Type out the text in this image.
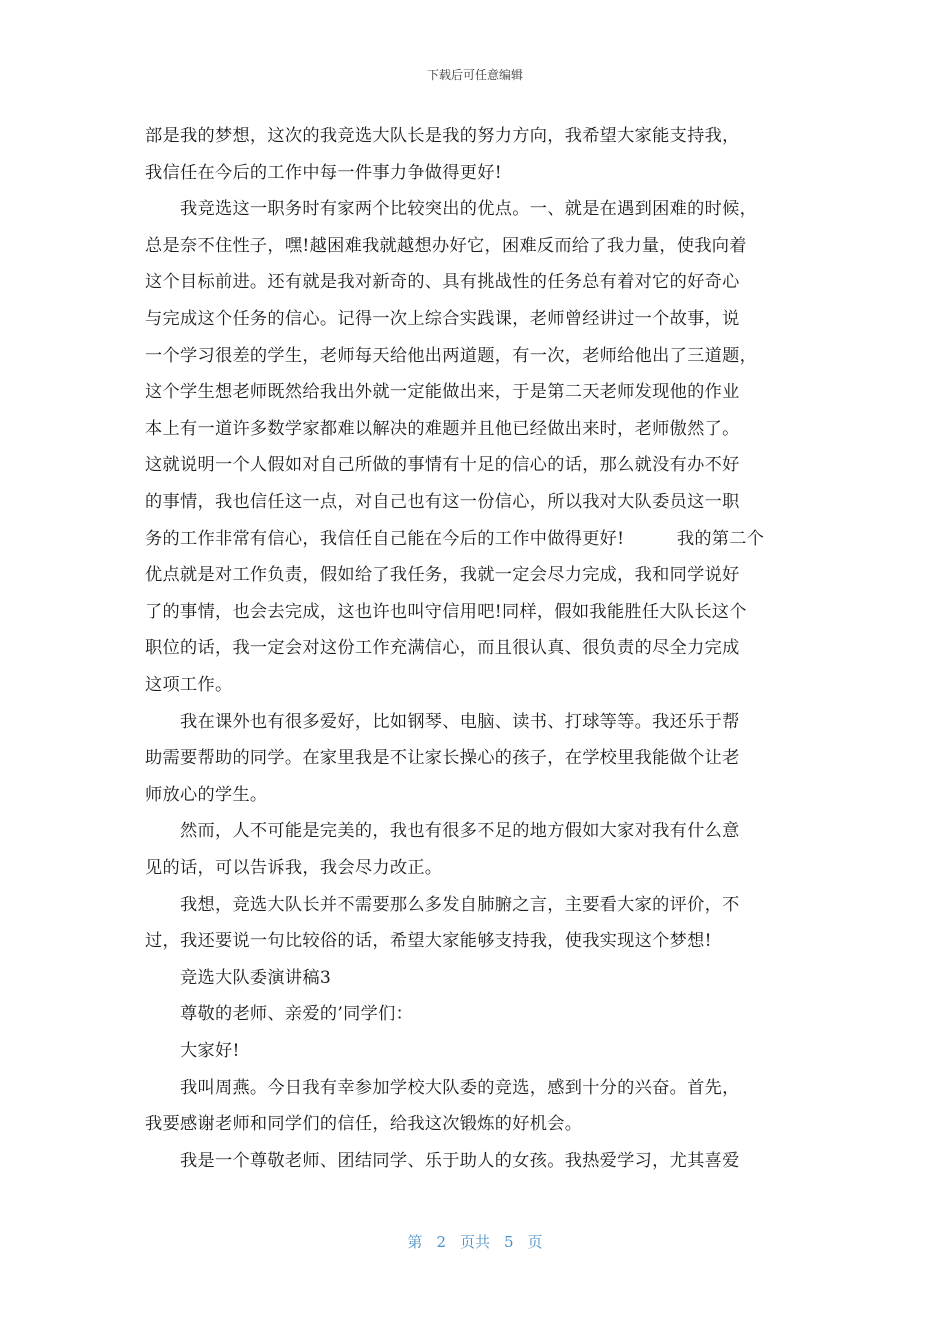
下载后可任意编辑
部是我的梦想，这次的我竞选大队长是我的努力方向，我希望大家能支持我，
我信任在今后的工作中每一件事力争做得更好!
　　我竞选这一职务时有家两个比较突出的优点。一、就是在遇到困难的时候，
总是奈不住性子，嘿!越困难我就越想办好它，困难反而给了我力量，使我向着
这个目标前进。还有就是我对新奇的、具有挑战性的任务总有着对它的好奇心
与完成这个任务的信心。记得一次上综合实践课，老师曾经讲过一个故事，说
一个学习很差的学生，老师每天给他出两道题，有一次，老师给他出了三道题，
这个学生想老师既然给我出外就一定能做出来，于是第二天老师发现他的作业
本上有一道许多数学家都难以解决的难题并且他已经做出来时，老师傲然了。
这就说明一个人假如对自己所做的事情有十足的信心的话，那么就没有办不好
的事情，我也信任这一点，对自己也有这一份信心，所以我对大队委员这一职
务的工作非常有信心，我信任自己能在今后的工作中做得更好!　　　我的第二个
优点就是对工作负责，假如给了我任务，我就一定会尽力完成，我和同学说好
了的事情，也会去完成，这也许也叫守信用吧!同样，假如我能胜任大队长这个
职位的话，我一定会对这份工作充满信心，而且很认真、很负责的尽全力完成
这项工作。
　　我在课外也有很多爱好，比如钢琴、电脑、读书、打球等等。我还乐于帮
助需要帮助的同学。在家里我是不让家长操心的孩子，在学校里我能做个让老
师放心的学生。
　　然而，人不可能是完美的，我也有很多不足的地方假如大家对我有什么意
见的话，可以告诉我，我会尽力改正。
　　我想，竞选大队长并不需要那么多发自肺腑之言，主要看大家的评价，不
过，我还要说一句比较俗的话，希望大家能够支持我，使我实现这个梦想!
　　竞选大队委演讲稿3
　　尊敬的老师、亲爱的’同学们：
　　大家好!
　　我叫周燕。今日我有幸参加学校大队委的竞选，感到十分的兴奋。首先，
我要感谢老师和同学们的信任，给我这次锻炼的好机会。
　　我是一个尊敬老师、团结同学、乐于助人的女孩。我热爱学习，尤其喜爱
第 2 页共 5 页
